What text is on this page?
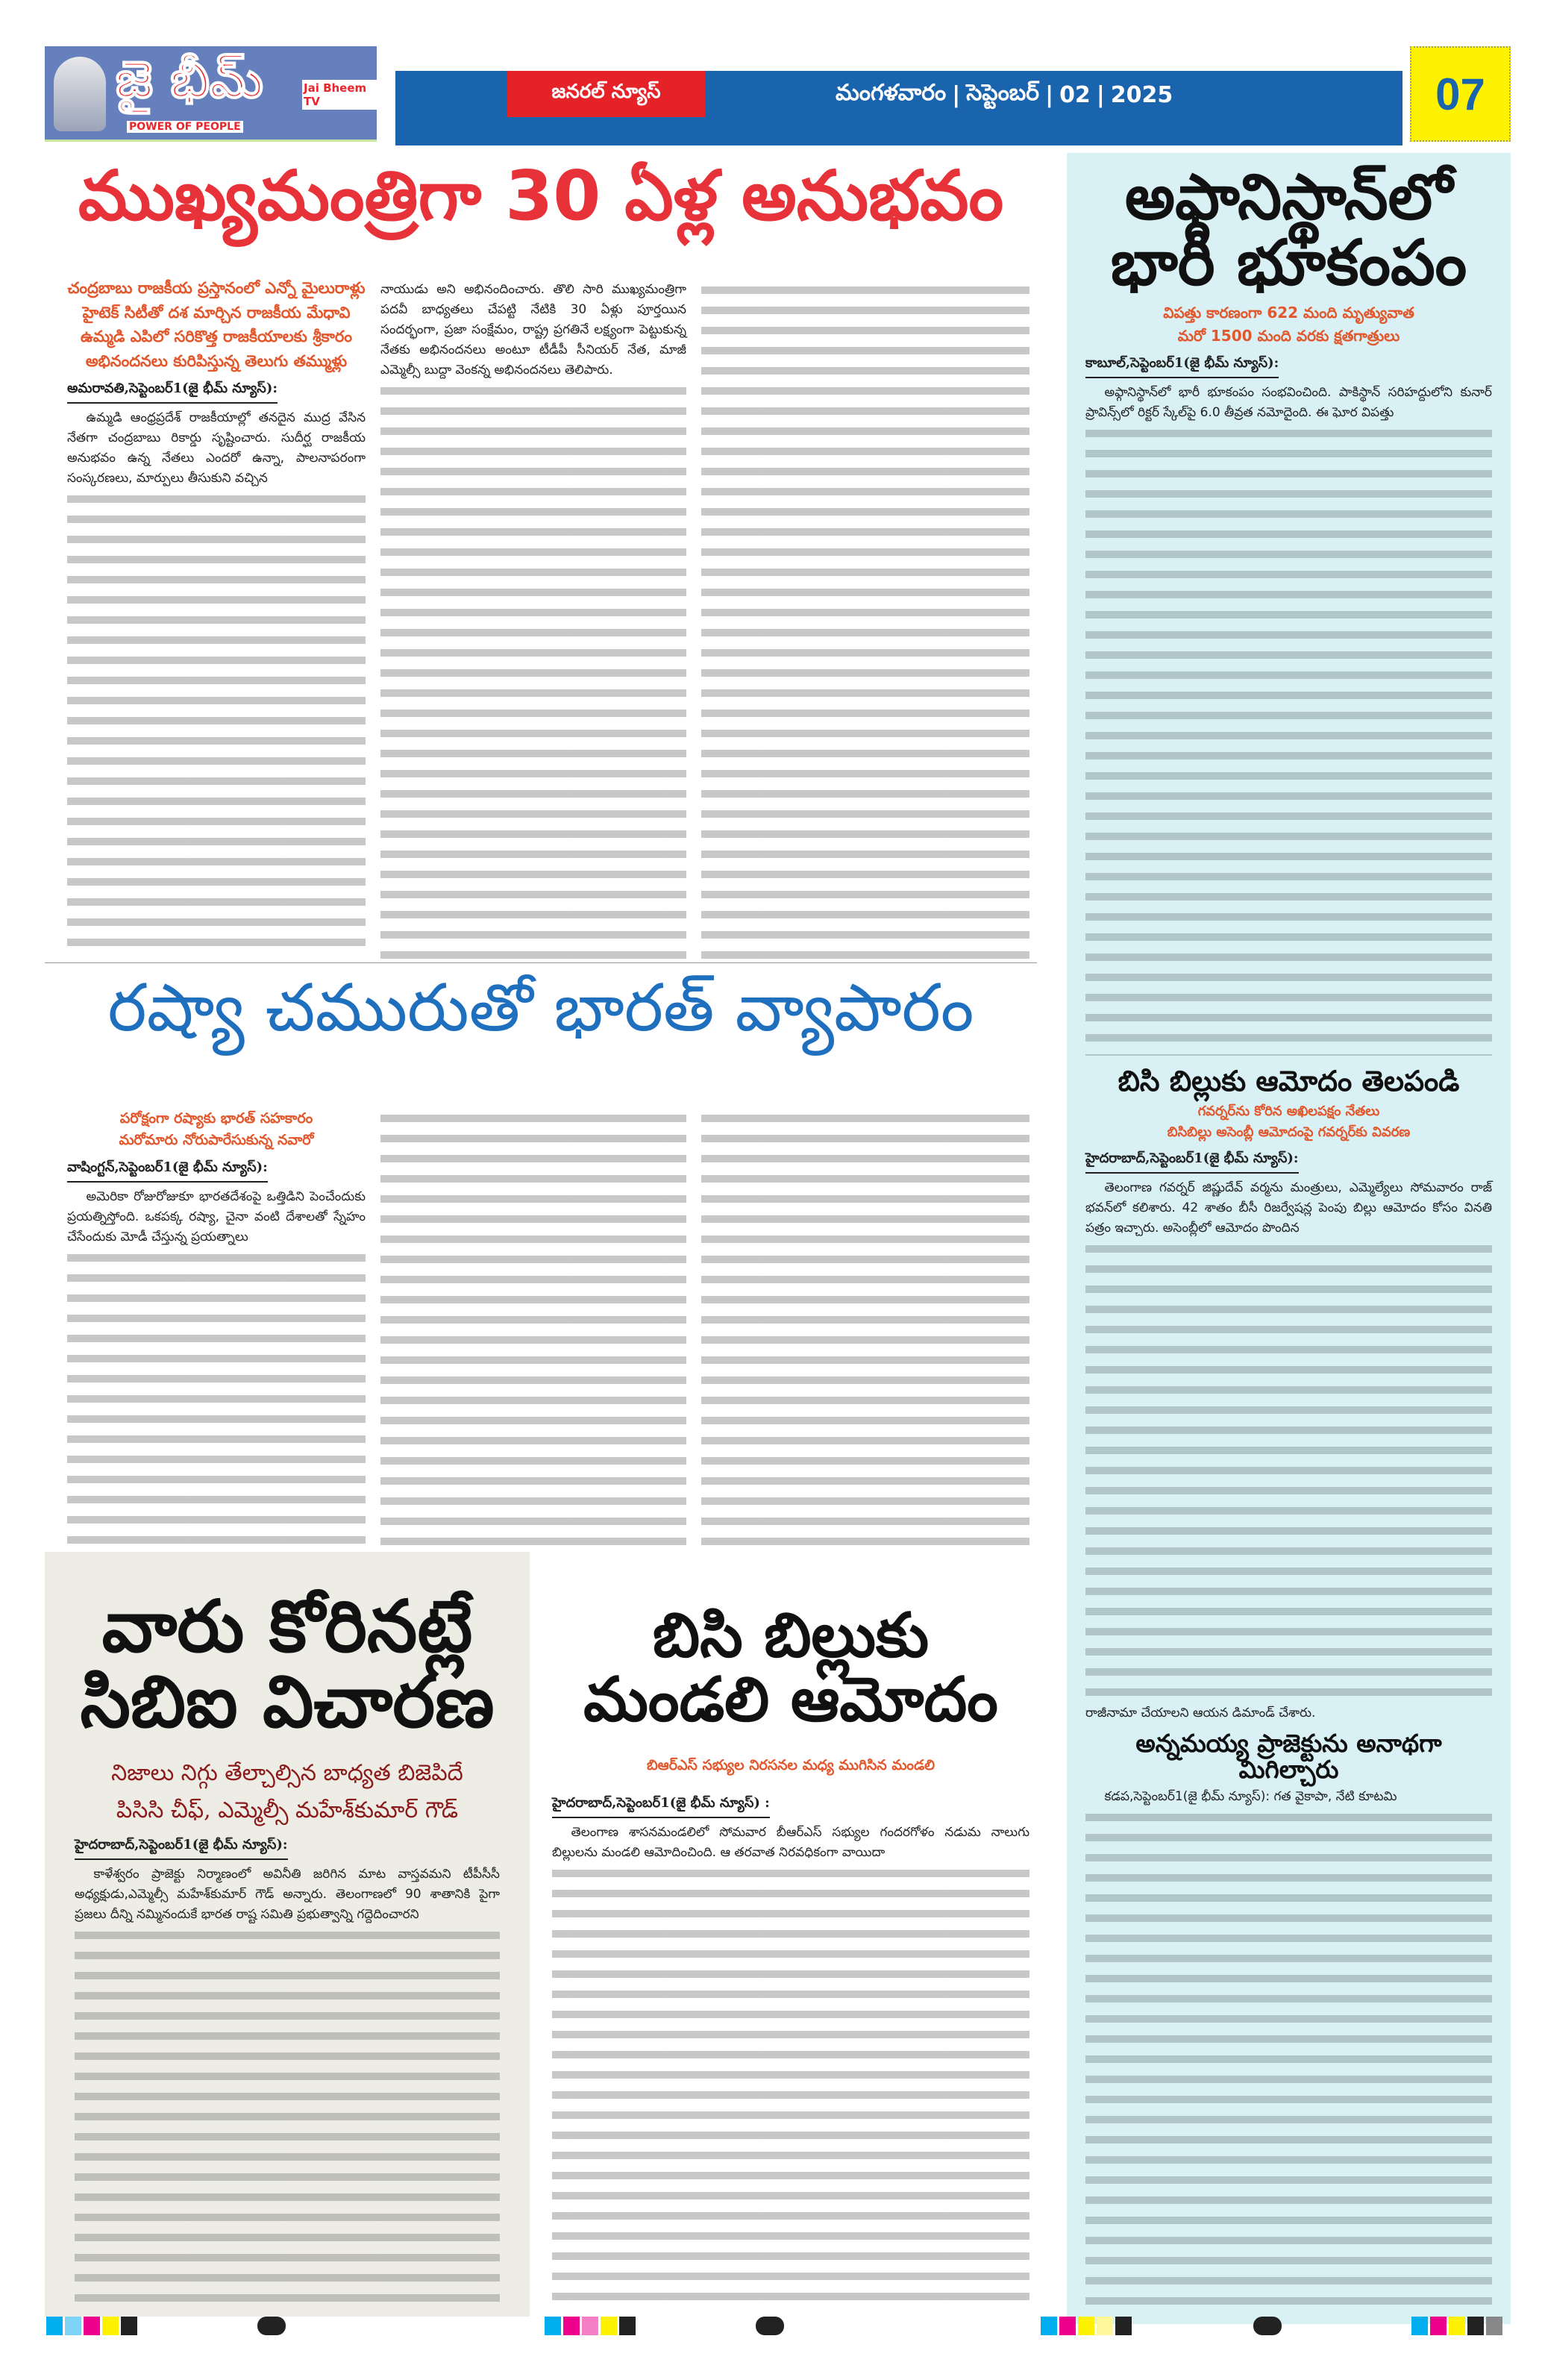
జై భీమ్
POWER OF PEOPLE
Jai Bheem TV	జనరల్ న్యూస్	మంగళవారం | సెప్టెంబర్ | 02 | 2025	07
ముఖ్యమంత్రిగా 30 ఏళ్ల అనుభవం
చంద్రబాబు రాజకీయ ప్రస్తానంలో ఎన్నో మైలురాళ్లు
హైటెక్ సిటీతో దశ మార్చిన రాజకీయ మేధావి
ఉమ్మడి ఎపిలో సరికొత్త రాజకీయాలకు శ్రీకారం
అభినందనలు కురిపిస్తున్న తెలుగు తమ్ముళ్లు
అమరావతి,సెప్టెంబర్1(జై భీమ్ న్యూస్):
ఉమ్మడి ఆంధ్రప్రదేశ్ రాజకీయాల్లో తనదైన ముద్ర వేసిన నేతగా చంద్రబాబు రికార్డు సృష్టించారు. సుదీర్ఘ రాజకీయ అనుభవం ఉన్న నేతలు ఎందరో ఉన్నా, పాలనాపరంగా సంస్కరణలు, మార్పులు తీసుకుని వచ్చిన
నాయుడు అని అభినందించారు. తొలి సారి ముఖ్యమంత్రిగా పదవీ బాధ్యతలు చేపట్టి నేటికి 30 ఏళ్లు పూర్తయిన సందర్భంగా, ప్రజా సంక్షేమం, రాష్ట్ర ప్రగతినే లక్ష్యంగా పెట్టుకున్న నేతకు అభినందనలు అంటూ టీడీపీ సీనియర్ నేత, మాజీ ఎమ్మెల్సీ బుద్దా వెంకన్న అభినందనలు తెలిపారు.
రష్యా చమురుతో భారత్ వ్యాపారం
పరోక్షంగా రష్యాకు భారత్ సహకారం
మరోమారు నోరుపారేసుకున్న నవారో
వాషింగ్టన్,సెప్టెంబర్1(జై భీమ్ న్యూస్):
అమెరికా రోజురోజుకూ భారతదేశంపై ఒత్తిడిని పెంచేందుకు ప్రయత్నిస్తోంది. ఒకపక్క రష్యా, చైనా వంటి దేశాలతో స్నేహం చేసేందుకు మోడీ చేస్తున్న ప్రయత్నాలు
వారు కోరినట్లే
సిబిఐ విచారణ
నిజాలు నిగ్గు తేల్చాల్సిన బాధ్యత బిజెపిదే
పిసిసి చీఫ్, ఎమ్మెల్సీ మహేశ్‌కుమార్ గౌడ్
హైదరాబాద్,సెప్టెంబర్1(జై భీమ్ న్యూస్):
కాళేశ్వరం ప్రాజెక్టు నిర్మాణంలో అవినీతి జరిగిన మాట వాస్తవమని టీపీసీసీ అధ్యక్షుడు,ఎమ్మెల్సీ మహేశ్‌కుమార్ గౌడ్ అన్నారు. తెలంగాణలో 90 శాతానికి పైగా ప్రజలు దీన్ని నమ్మినందుకే భారత రాష్ట సమితి ప్రభుత్వాన్ని గద్దెదించారని
బిసి బిల్లుకు
మండలి ఆమోదం
బిఆర్ఎస్ సభ్యుల నిరసనల మధ్య ముగిసిన మండలి
హైదరాబాద్,సెప్టెంబర్1(జై భీమ్ న్యూస్) :
తెలంగాణ శాసనమండలిలో సోమవార బీఆర్ఎస్ సభ్యుల గందరగోళం నడుమ నాలుగు బిల్లులను మండలి ఆమోదించింది. ఆ తరవాత నిరవధికంగా వాయిదా
అఫ్గానిస్థాన్‌లో
భారీ భూకంపం
విపత్తు కారణంగా 622 మంది మృత్యువాత
మరో 1500 మంది వరకు క్షతగాత్రులు
కాబూల్,సెప్టెంబర్1(జై భీమ్ న్యూస్):
అఫ్గానిస్థాన్‌లో భారీ భూకంపం సంభవించింది. పాకిస్థాన్ సరిహద్దులోని కునార్ ప్రావిన్స్‌లో రిక్టర్ స్కేల్‌పై 6.0 తీవ్రత నమోదైంది. ఈ ఘోర విపత్తు
బిసి బిల్లుకు ఆమోదం తెలపండి
గవర్నర్‌ను కోరిన అఖిలపక్షం నేతలు
బిసిబిల్లు అసెంబ్లీ ఆమోదంపై గవర్నర్‌కు వివరణ
హైదరాబాద్,సెప్టెంబర్1(జై భీమ్ న్యూస్):
తెలంగాణ గవర్నర్ జిష్ణుదేవ్ వర్మను మంత్రులు, ఎమ్మెల్యేలు సోమవారం రాజ్ భవన్‌లో కలిశారు. 42 శాతం బీసీ రిజర్వేషన్ల పెంపు బిల్లు ఆమోదం కోసం వినతి పత్రం ఇచ్చారు. అసెంబ్లీలో ఆమోదం పొందిన
రాజీనామా చేయాలని ఆయన డిమాండ్ చేశారు.
అన్నమయ్య ప్రాజెక్టును అనాథగా మిగిల్చారు
కడప,సెప్టెంబర్1(జై భీమ్ న్యూస్): గత వైకాపా, నేటి కూటమి
